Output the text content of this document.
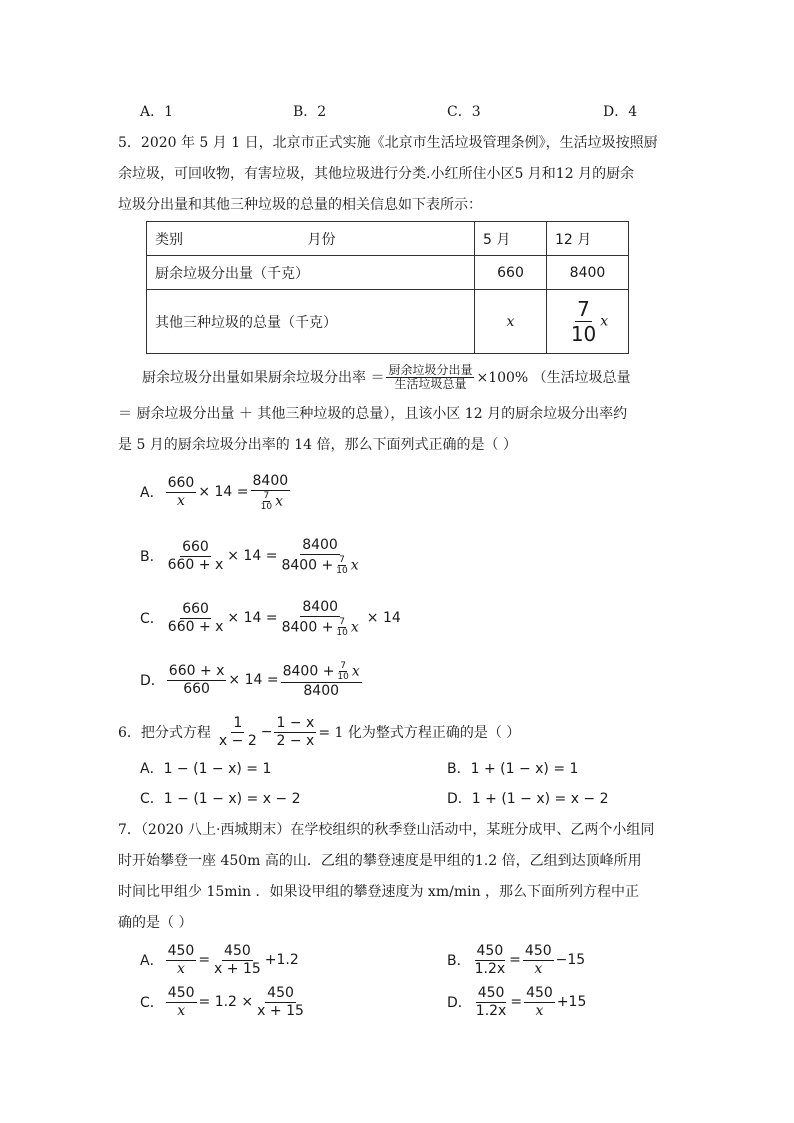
A．1	B．2	C．3	D．4
5．2020 年 5 月 1 日，北京市正式实施《北京市生活垃圾管理条例》，生活垃圾按照厨
余垃圾，可回收物，有害垃圾，其他垃圾进行分类.小红所住小区5 月和12 月的厨余
垃圾分出量和其他三种垃圾的总量的相关信息如下表所示：
类别 月份	5 月	12 月
厨余垃圾分出量（千克）	660	8400
其他三种垃圾的总量（千克）	x	$\frac{7}{10}$ x
厨余垃圾分出量如果厨余垃圾分出率 ＝ $\frac{\text{厨余垃圾分出量}}{\text{生活垃圾总量}} \times 100\%$ （生活垃圾总量
＝ 厨余垃圾分出量 ＋ 其他三种垃圾的总量），且该小区 12 月的厨余垃圾分出率约
是 5 月的厨余垃圾分出率的 14 倍，那么下面列式正确的是（ ）
A． $\frac{660}{x} \times 14 = \frac{8400}{\frac{7}{10} x}$
B． $\frac{660}{660 + x} \times 14 = \frac{8400}{8400 + \frac{7}{10} x}$
C． $\frac{660}{660 + x} \times 14 = \frac{8400}{8400 + \frac{7}{10} x} \times 14$
D． $\frac{660 + x}{660} \times 14 = \frac{8400 + \frac{7}{10} x}{8400}$
6．把分式方程 $\frac{1}{x - 2} - \frac{1 - x}{2 - x} = 1$ 化为整式方程正确的是（ ）
A．1 − (1 − x) = 1	B．1 + (1 − x) = 1
C．1 − (1 − x) = x − 2	D．1 + (1 − x) = x − 2
7．（2020 八上·西城期末）在学校组织的秋季登山活动中，某班分成甲、乙两个小组同
时开始攀登一座 450m 高的山．乙组的攀登速度是甲组的1.2 倍，乙组到达顶峰所用
时间比甲组少 15min ．如果设甲组的攀登速度为 xm/min ，那么下面所列方程中正
确的是（ ）
A． $\frac{450}{x} = \frac{450}{x + 15} +1.2$	B． $\frac{450}{1.2x} = \frac{450}{x} -15$
C． $\frac{450}{x} = 1.2 \times \frac{450}{x + 15}$	D． $\frac{450}{1.2x} = \frac{450}{x} +15$
